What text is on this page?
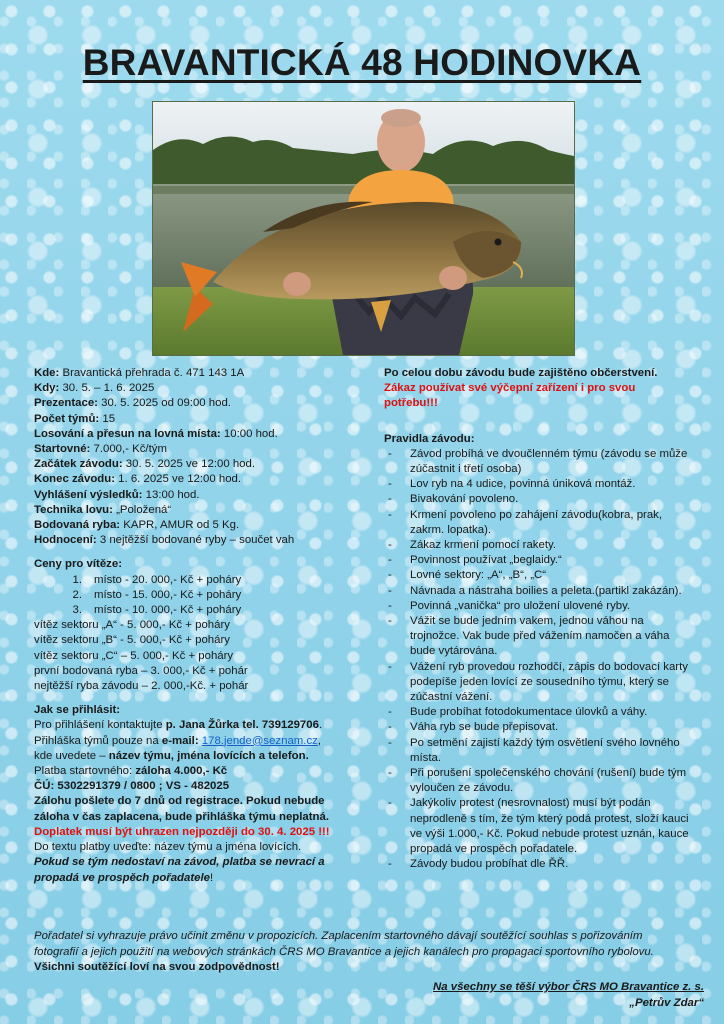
BRAVANTICKÁ 48 HODINOVKA
Kde: Bravantická přehrada č. 471 143 1A
Kdy: 30. 5. – 1. 6. 2025
Prezentace: 30. 5. 2025 od 09:00 hod.
Počet týmů: 15
Losování a přesun na lovná místa: 10:00 hod.
Startovné: 7.000,- Kč/tým
Začátek závodu: 30. 5. 2025 ve 12:00 hod.
Konec závodu: 1. 6. 2025 ve 12:00 hod.
Vyhlášení výsledků: 13:00 hod.
Technika lovu: „Položená“
Bodovaná ryba: KAPR, AMUR od 5 Kg.
Hodnocení: 3 nejtěžší bodované ryby – součet vah
Ceny pro vítěze:
1. místo - 20. 000,- Kč + poháry
2. místo - 15. 000,- Kč + poháry
3. místo - 10. 000,- Kč + poháry
vítěz sektoru „A“ - 5. 000,- Kč + poháry
vítěz sektoru „B“ - 5. 000,- Kč + poháry
vítěz sektoru „C“ – 5. 000,- Kč + poháry
první bodovaná ryba – 3. 000,- Kč + pohár
nejtěžší ryba závodu – 2. 000,-Kč. + pohár
Jak se přihlásit:
Pro přihlášení kontaktujte p. Jana Žůrka tel. 739129706.
Přihláška týmů pouze na e-mail: 178.jende@seznam.cz,
kde uvedete – název týmu, jména lovících a telefon.
Platba startovného: záloha 4.000,- Kč
ČÚ: 5302291379 / 0800 ; VS - 482025
Zálohu pošlete do 7 dnů od registrace. Pokud nebude
záloha v čas zaplacena, bude přihláška týmu neplatná.
Doplatek musí být uhrazen nejpozději do 30. 4. 2025 !!!
Do textu platby uveďte: název týmu a jména lovících.
Pokud se tým nedostaví na závod, platba se nevrací a
propadá ve prospěch pořadatele!
Po celou dobu závodu bude zajištěno občerstvení.
Zákaz používat své výčepní zařízení i pro svou
potřebu!!!
Pravidla závodu:
- Závod probíhá ve dvoučlenném týmu (závodu se může
zúčastnit i třetí osoba)
- Lov ryb na 4 udice, povinná úniková montáž.
- Bivakování povoleno.
- Krmení povoleno po zahájení závodu(kobra, prak,
zakrm. lopatka).
- Zákaz krmení pomocí rakety.
- Povinnost používat „beglaidy.“
- Lovné sektory: „A“, „B“, „C“
- Návnada a nástraha boilies a peleta.(partikl zakázán).
- Povinná „vanička“ pro uložení ulovené ryby.
- Vážit se bude jedním vakem, jednou váhou na
trojnožce. Vak bude před vážením namočen a váha
bude vytárována.
- Vážení ryb provedou rozhodčí, zápis do bodovací karty
podepíše jeden lovící ze sousedního týmu, který se
zúčastní vážení.
- Bude probíhat fotodokumentace úlovků a váhy.
- Váha ryb se bude přepisovat.
- Po setmění zajistí každý tým osvětlení svého lovného
místa.
- Při porušení společenského chování (rušení) bude tým
vyloučen ze závodu.
- Jakýkoliv protest (nesrovnalost) musí být podán
neprodleně s tím, že tým který podá protest, složí kauci
ve výši 1.000,- Kč. Pokud nebude protest uznán, kauce
propadá ve prospěch pořadatele.
- Závody budou probíhat dle ŘŘ.
Pořadatel si vyhrazuje právo učinit změnu v propozicích. Zaplacením startovného dávají soutěžící souhlas s pořizováním
fotografií a jejich použití na webových stránkách ČRS MO Bravantice a jejich kanálech pro propagaci sportovního rybolovu.
Všichni soutěžící loví na svou zodpovědnost!
Na všechny se těší výbor ČRS MO Bravantice z. s.
„Petrův Zdar“
